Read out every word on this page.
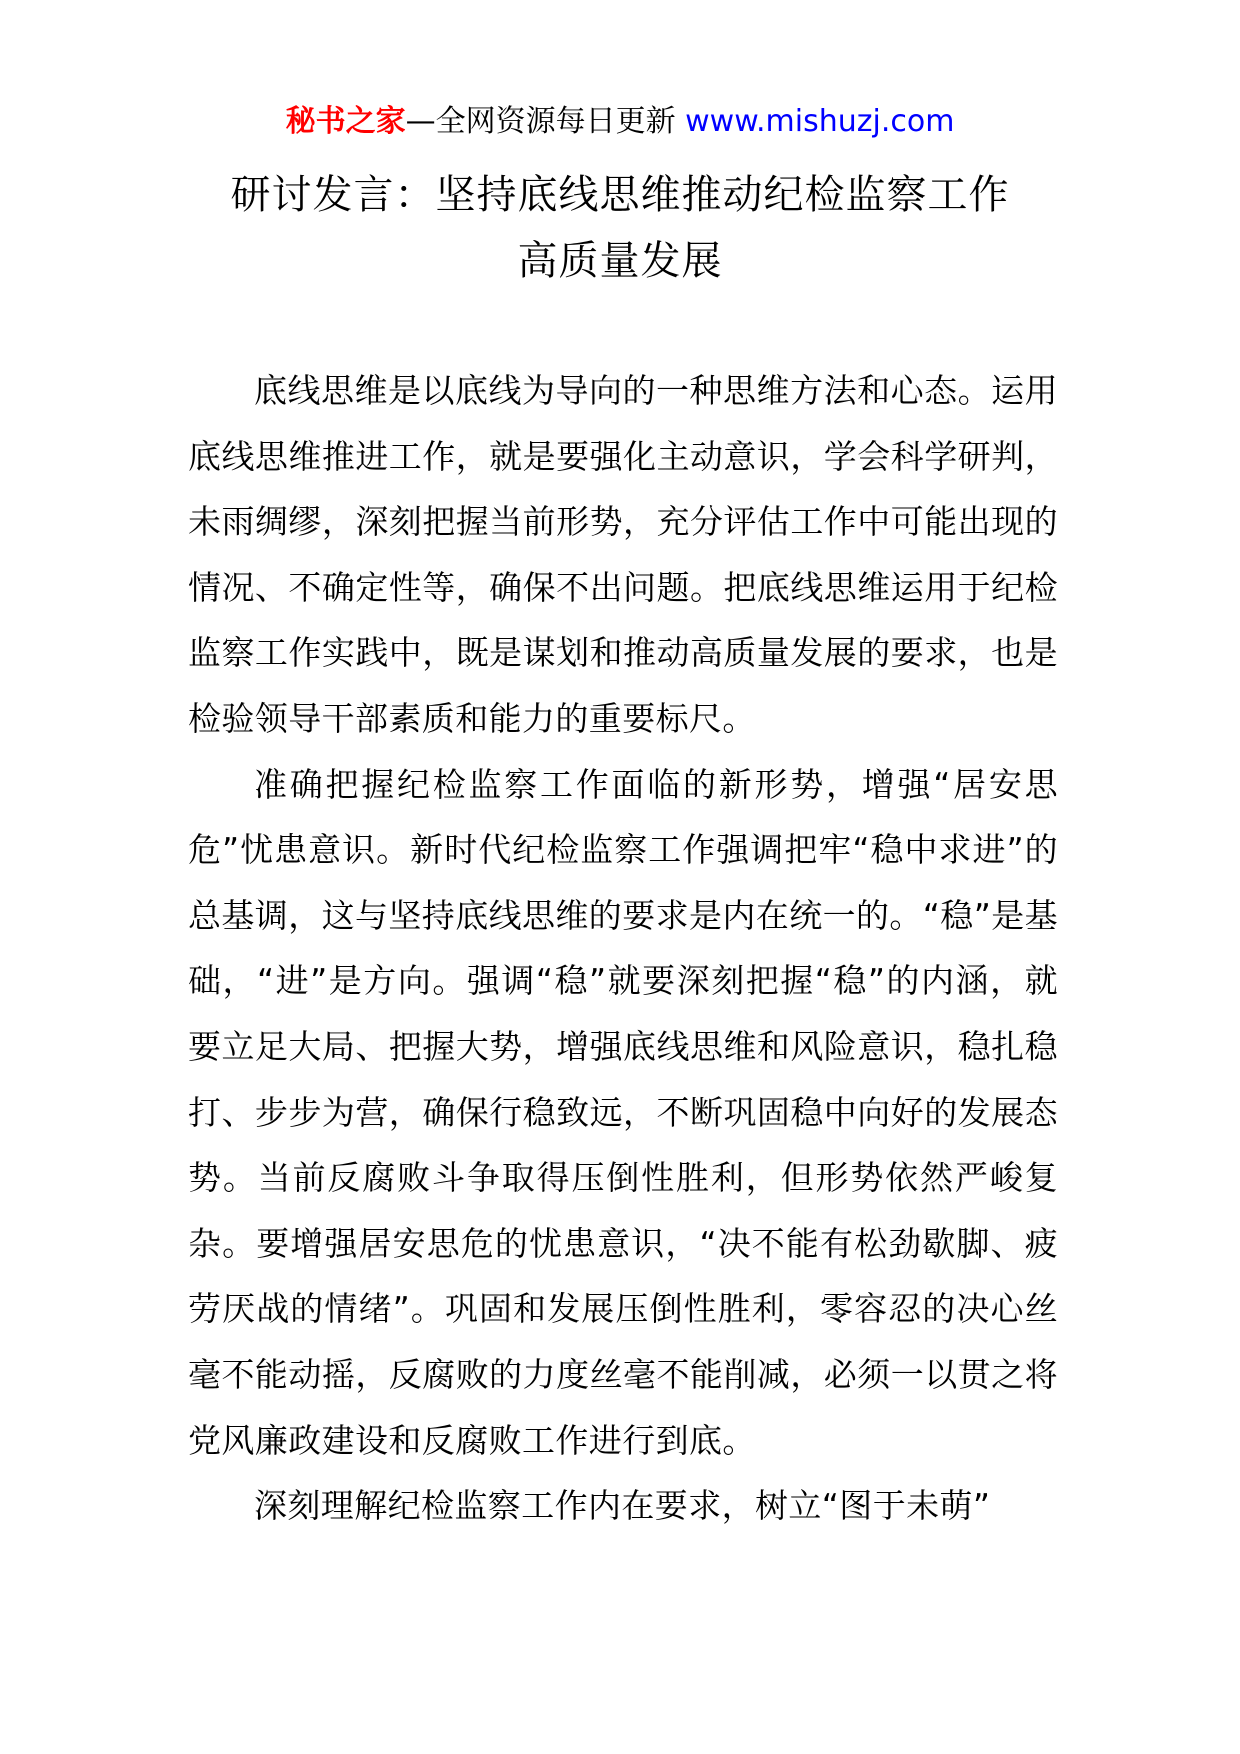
秘书之家—全网资源每日更新 www.mishuzj.com
研讨发言：坚持底线思维推动纪检监察工作
高质量发展

底线思维是以底线为导向的一种思维方法和心态。运用底线思维推进工作，就是要强化主动意识，学会科学研判，未雨绸缪，深刻把握当前形势，充分评估工作中可能出现的情况、不确定性等，确保不出问题。把底线思维运用于纪检监察工作实践中，既是谋划和推动高质量发展的要求，也是检验领导干部素质和能力的重要标尺。

准确把握纪检监察工作面临的新形势，增强“居安思危”忧患意识。新时代纪检监察工作强调把牢“稳中求进”的总基调，这与坚持底线思维的要求是内在统一的。“稳”是基础，“进”是方向。强调“稳”就要深刻把握“稳”的内涵，就要立足大局、把握大势，增强底线思维和风险意识，稳扎稳打、步步为营，确保行稳致远，不断巩固稳中向好的发展态势。当前反腐败斗争取得压倒性胜利，但形势依然严峻复杂。要增强居安思危的忧患意识，“决不能有松劲歇脚、疲劳厌战的情绪”。巩固和发展压倒性胜利，零容忍的决心丝毫不能动摇，反腐败的力度丝毫不能削减，必须一以贯之将党风廉政建设和反腐败工作进行到底。

深刻理解纪检监察工作内在要求，树立“图于未萌”
